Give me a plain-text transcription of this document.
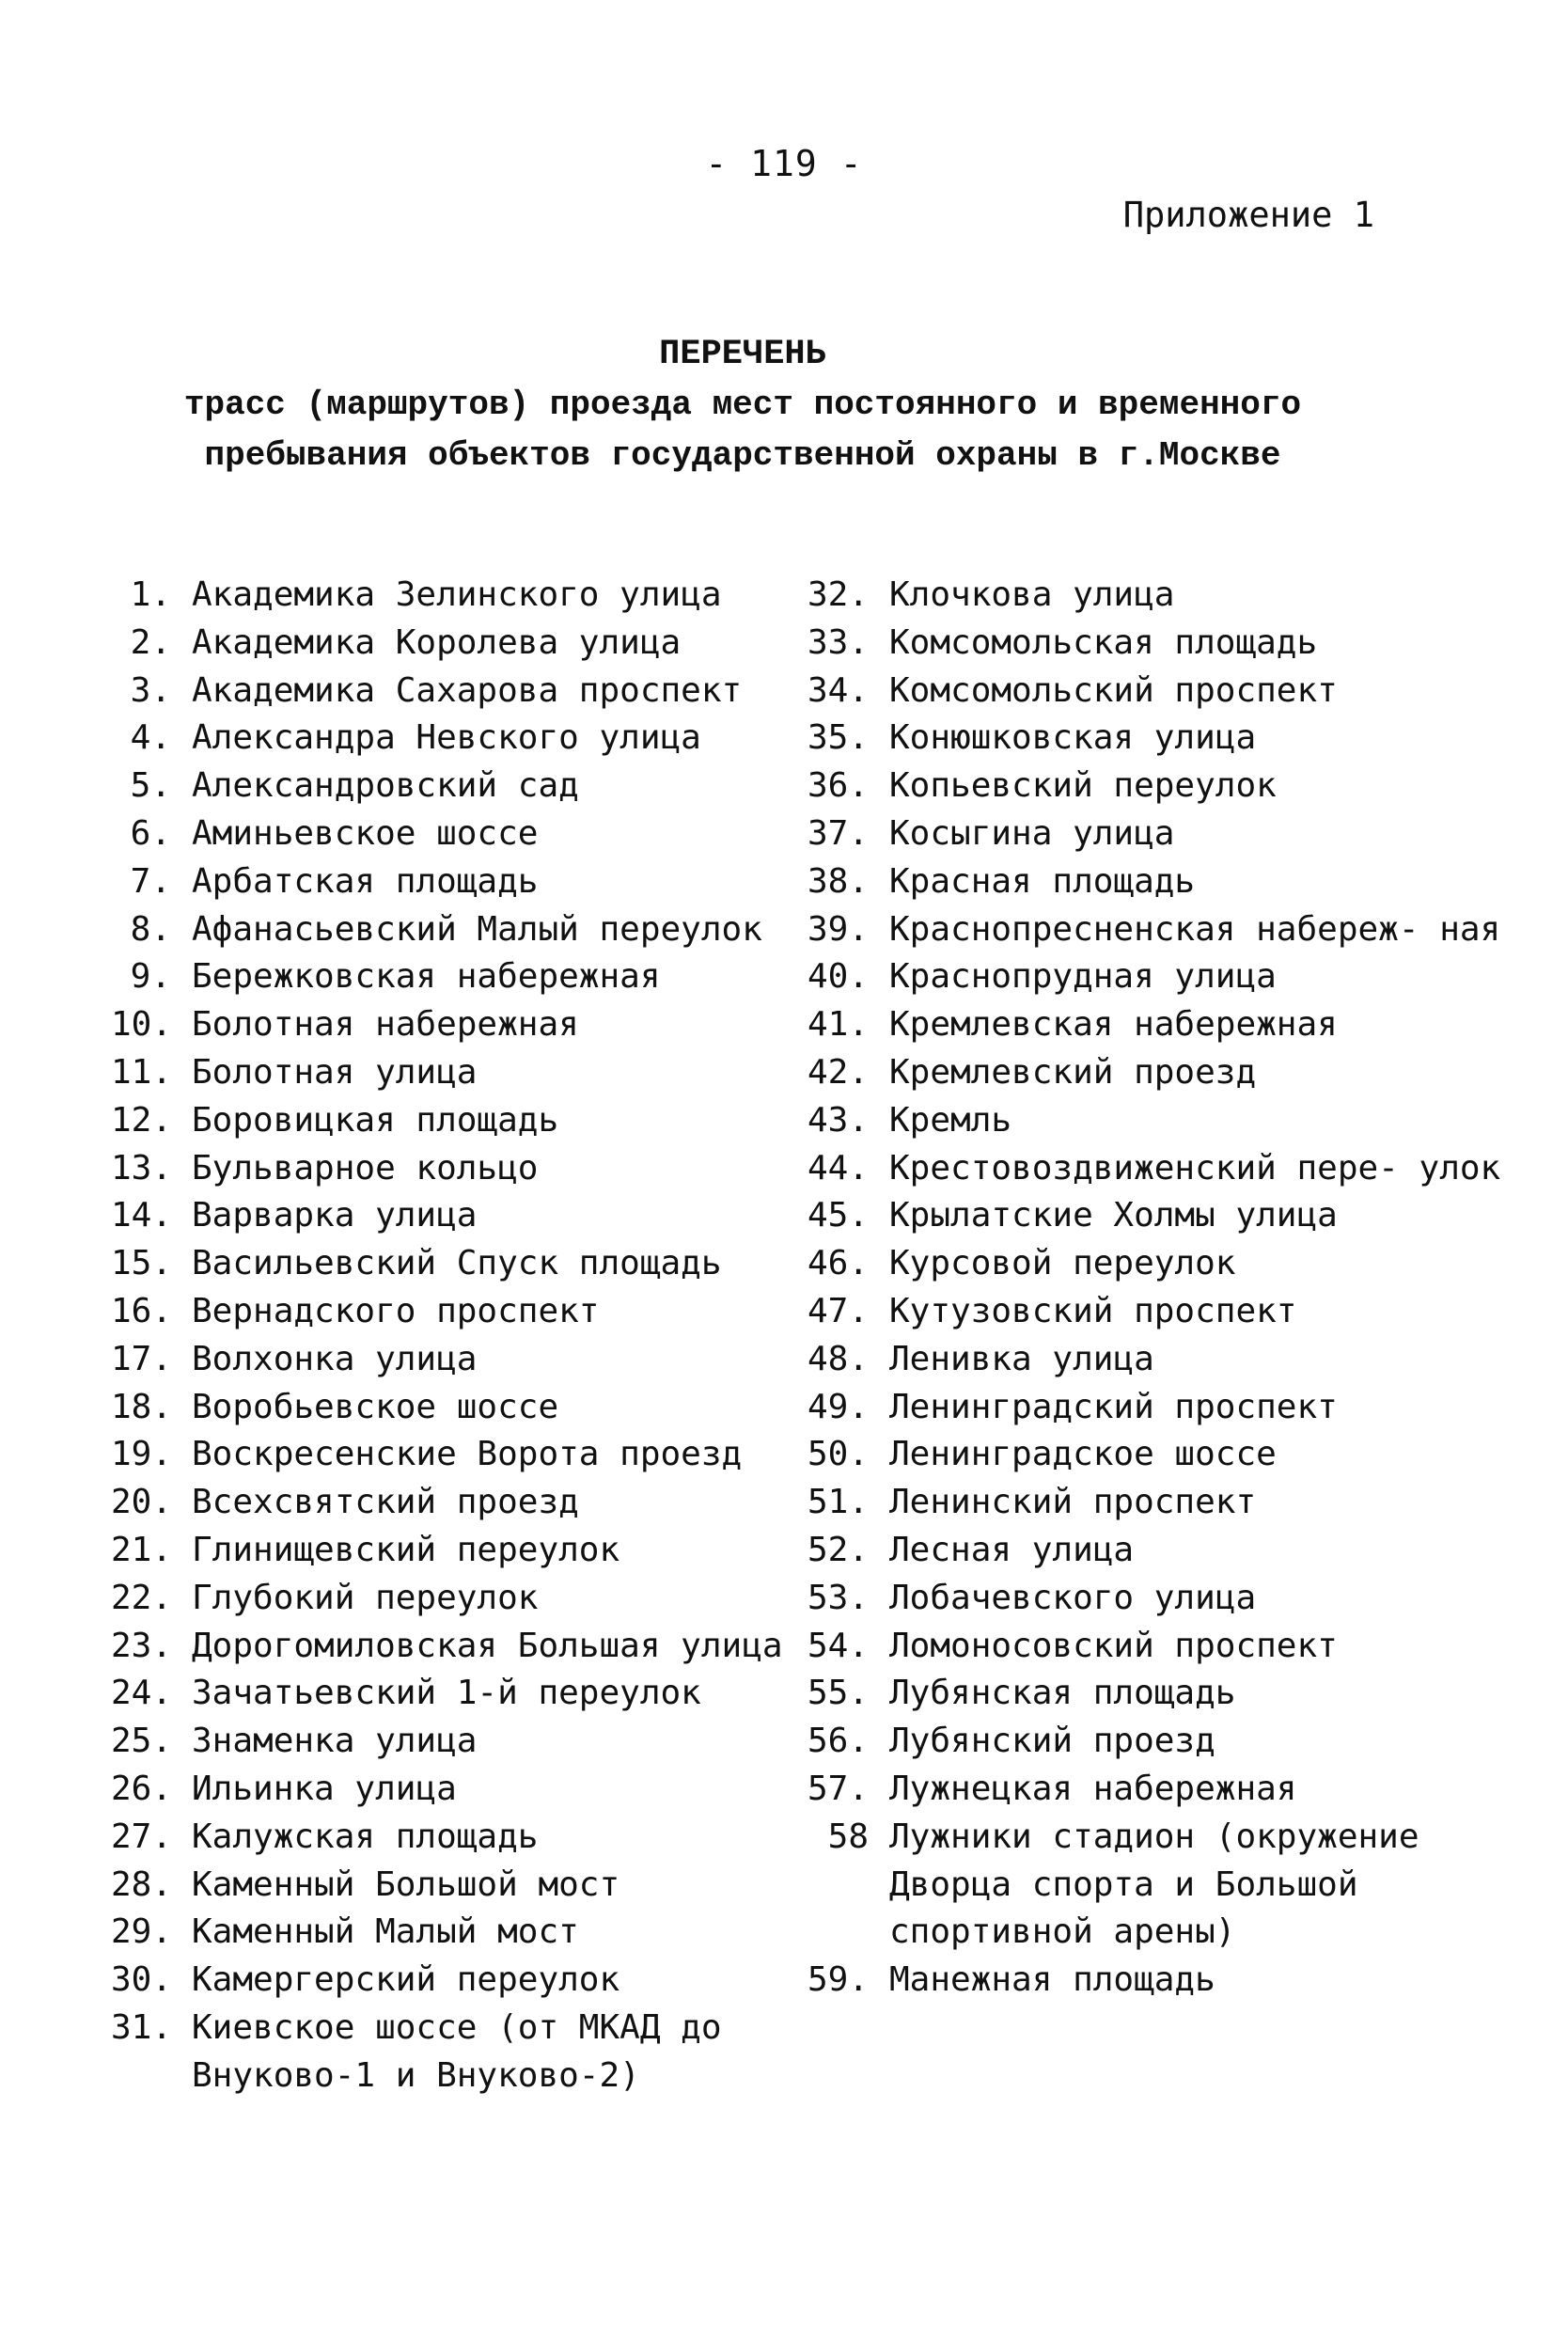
- 119 -
Приложение 1
ПЕРЕЧЕНЬ
трасс (маршрутов) проезда мест постоянного и временного
пребывания объектов государственной охраны в г.Москве
1. Академика Зелинского улица
2. Академика Королева улица
3. Академика Сахарова проспект
4. Александра Невского улица
5. Александровский сад
6. Аминьевское шоссе
7. Арбатская площадь
8. Афанасьевский Малый переулок
9. Бережковская набережная
10. Болотная набережная
11. Болотная улица
12. Боровицкая площадь
13. Бульварное кольцо
14. Варварка улица
15. Васильевский Спуск площадь
16. Вернадского проспект
17. Волхонка улица
18. Воробьевское шоссе
19. Воскресенские Ворота проезд
20. Всехсвятский проезд
21. Глинищевский переулок
22. Глубокий переулок
23. Дорогомиловская Большая улица
24. Зачатьевский 1-й переулок
25. Знаменка улица
26. Ильинка улица
27. Калужская площадь
28. Каменный Большой мост
29. Каменный Малый мост
30. Камергерский переулок
31. Киевское шоссе (от МКАД до Внуково-1 и Внуково-2)
32. Клочкова улица
33. Комсомольская площадь
34. Комсомольский проспект
35. Конюшковская улица
36. Копьевский переулок
37. Косыгина улица
38. Красная площадь
39. Краснопресненская набереж- ная
40. Краснопрудная улица
41. Кремлевская набережная
42. Кремлевский проезд
43. Кремль
44. Крестовоздвиженский пере- улок
45. Крылатские Холмы улица
46. Курсовой переулок
47. Кутузовский проспект
48. Ленивка улица
49. Ленинградский проспект
50. Ленинградское шоссе
51. Ленинский проспект
52. Лесная улица
53. Лобачевского улица
54. Ломоносовский проспект
55. Лубянская площадь
56. Лубянский проезд
57. Лужнецкая набережная
58 Лужники стадион (окружение Дворца спорта и Большой спортивной арены)
59. Манежная площадь
